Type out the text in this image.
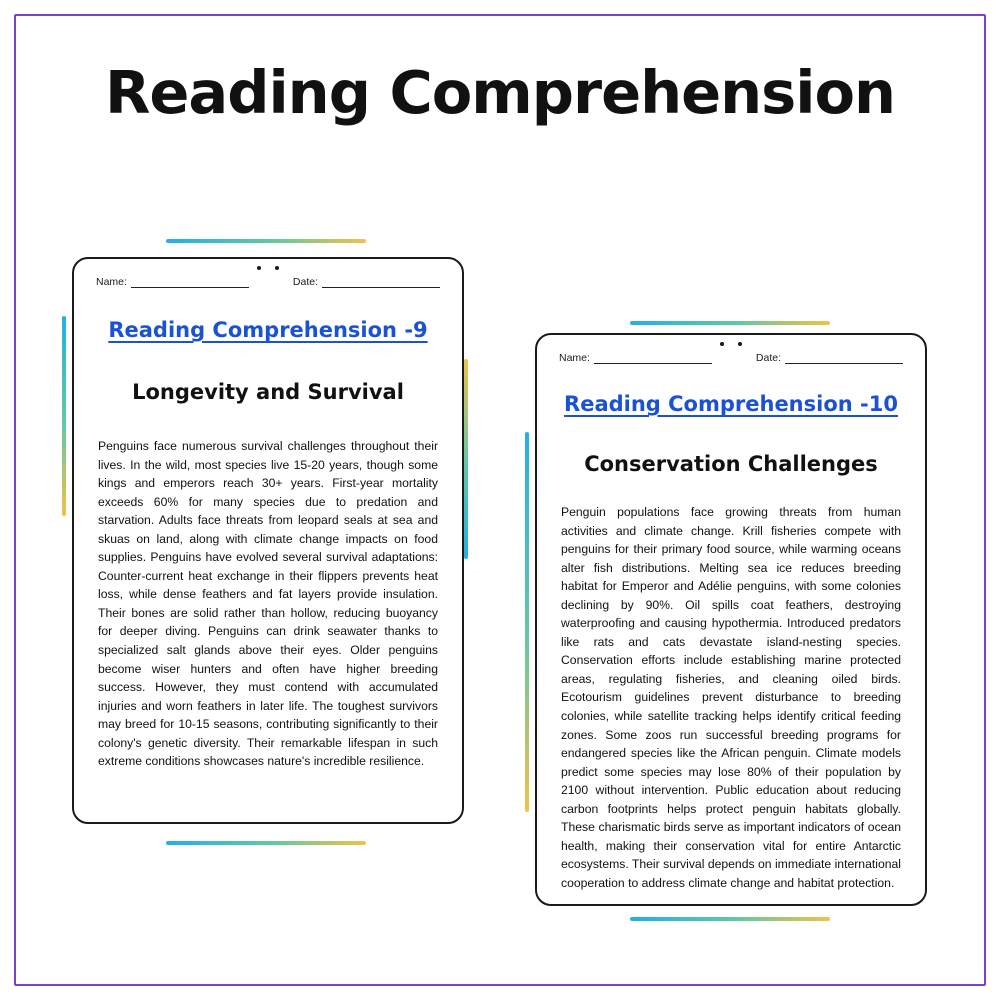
Reading Comprehension
Name:	Date:
Reading Comprehension -9
Longevity and Survival
Penguins face numerous survival challenges throughout their lives. In the wild, most species live 15-20 years, though some kings and emperors reach 30+ years. First-year mortality exceeds 60% for many species due to predation and starvation. Adults face threats from leopard seals at sea and skuas on land, along with climate change impacts on food supplies. Penguins have evolved several survival adaptations: Counter-current heat exchange in their flippers prevents heat loss, while dense feathers and fat layers provide insulation. Their bones are solid rather than hollow, reducing buoyancy for deeper diving. Penguins can drink seawater thanks to specialized salt glands above their eyes. Older penguins become wiser hunters and often have higher breeding success. However, they must contend with accumulated injuries and worn feathers in later life. The toughest survivors may breed for 10-15 seasons, contributing significantly to their colony's genetic diversity. Their remarkable lifespan in such extreme conditions showcases nature's incredible resilience.
Name:	Date:
Reading Comprehension -10
Conservation Challenges
Penguin populations face growing threats from human activities and climate change. Krill fisheries compete with penguins for their primary food source, while warming oceans alter fish distributions. Melting sea ice reduces breeding habitat for Emperor and Adélie penguins, with some colonies declining by 90%. Oil spills coat feathers, destroying waterproofing and causing hypothermia. Introduced predators like rats and cats devastate island-nesting species. Conservation efforts include establishing marine protected areas, regulating fisheries, and cleaning oiled birds. Ecotourism guidelines prevent disturbance to breeding colonies, while satellite tracking helps identify critical feeding zones. Some zoos run successful breeding programs for endangered species like the African penguin. Climate models predict some species may lose 80% of their population by 2100 without intervention. Public education about reducing carbon footprints helps protect penguin habitats globally. These charismatic birds serve as important indicators of ocean health, making their conservation vital for entire Antarctic ecosystems. Their survival depends on immediate international cooperation to address climate change and habitat protection.
